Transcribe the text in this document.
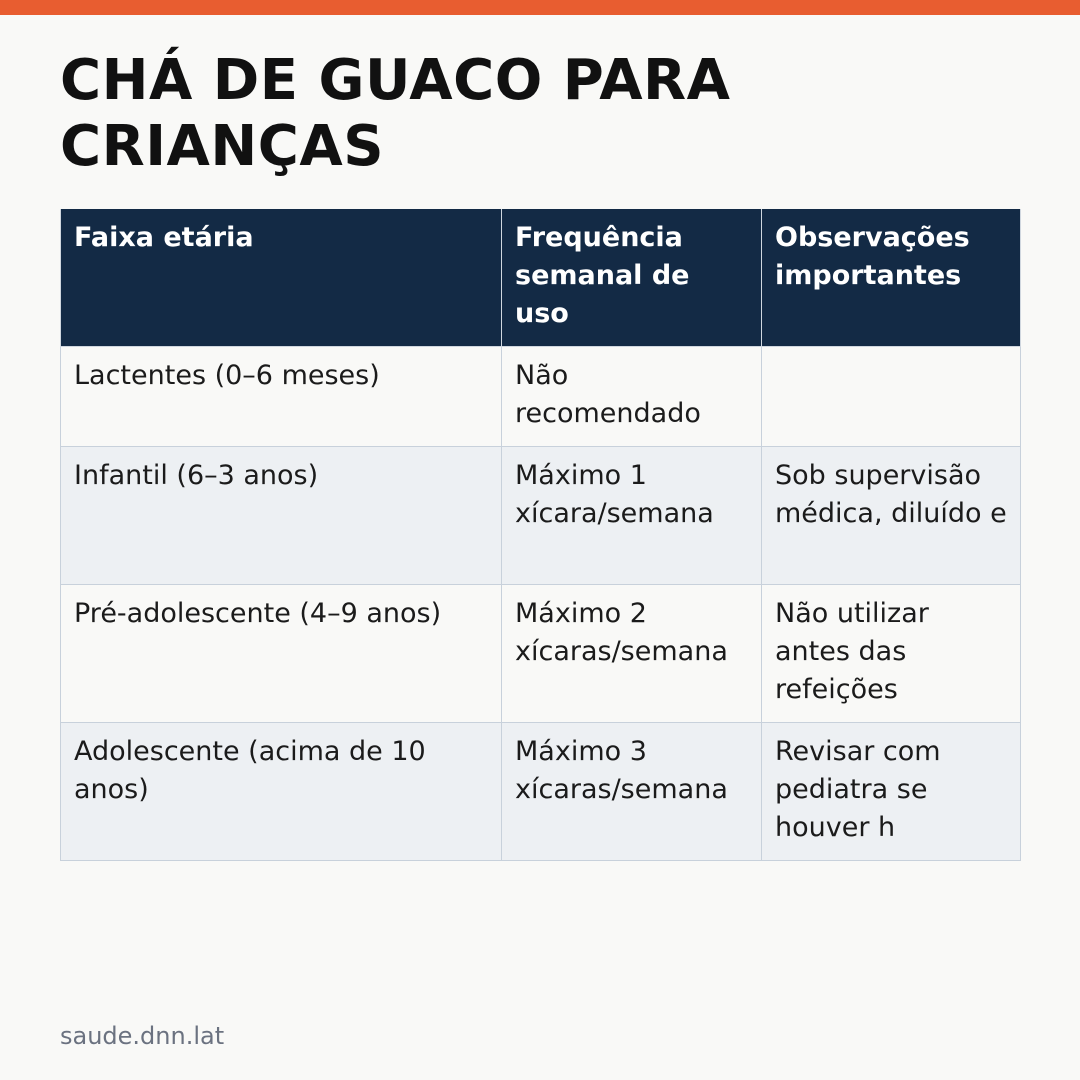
CHÁ DE GUACO PARA CRIANÇAS
Faixa etária	Frequência semanal de uso	Observações importantes
Lactentes (0–6 meses)	Não recomendado	
Infantil (6–3 anos)	Máximo 1 xícara/semana	Sob supervisão médica, diluído e
Pré-adolescente (4–9 anos)	Máximo 2 xícaras/semana	Não utilizar antes das refeições
Adolescente (acima de 10 anos)	Máximo 3 xícaras/semana	Revisar com pediatra se houver h
saude.dnn.lat
